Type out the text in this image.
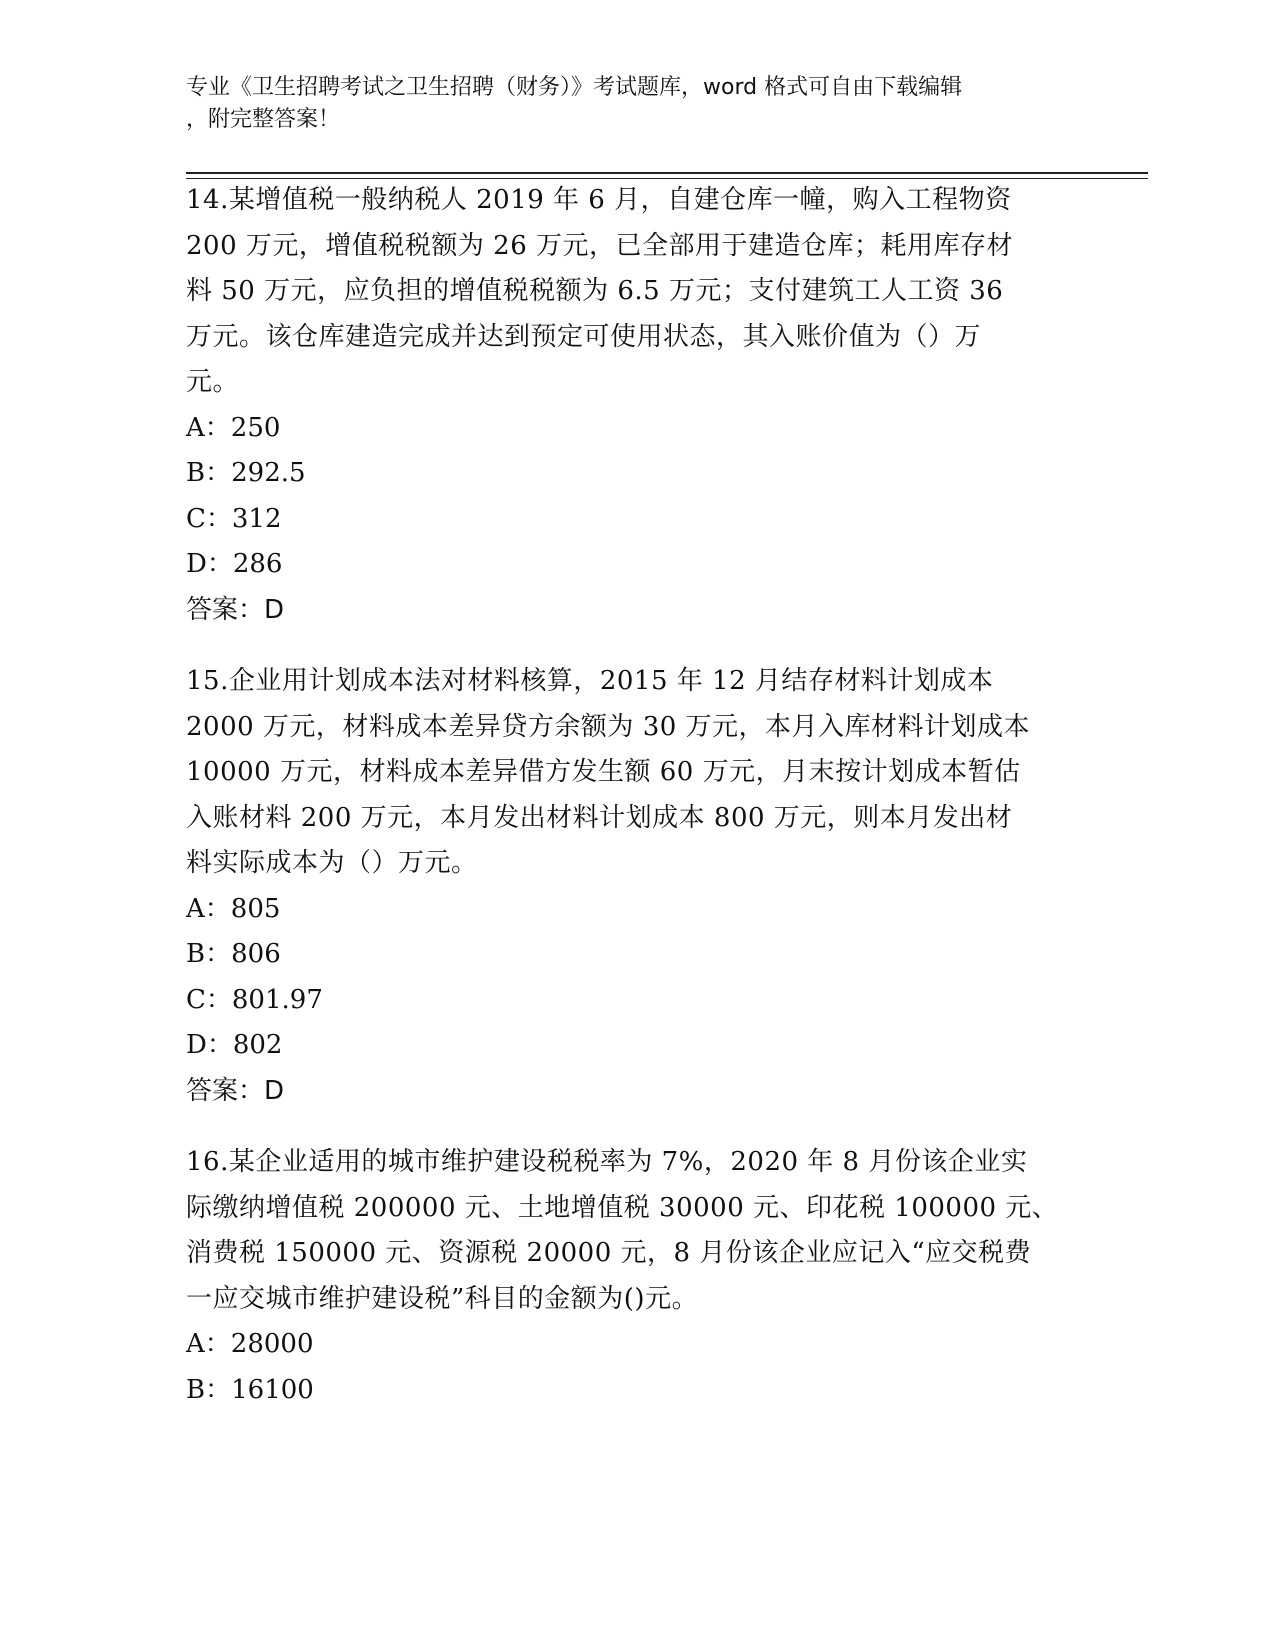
专业《卫生招聘考试之卫生招聘（财务）》考试题库，word 格式可自由下载编辑
，附完整答案！
14.某增值税一般纳税人 2019 年 6 月，自建仓库一幢，购入工程物资
200 万元，增值税税额为 26 万元，已全部用于建造仓库；耗用库存材
料 50 万元，应负担的增值税税额为 6.5 万元；支付建筑工人工资 36
万元。该仓库建造完成并达到预定可使用状态，其入账价值为（）万
元。
A：250
B：292.5
C：312
D：286
答案：D
15.企业用计划成本法对材料核算，2015 年 12 月结存材料计划成本
2000 万元，材料成本差异贷方余额为 30 万元，本月入库材料计划成本
10000 万元，材料成本差异借方发生额 60 万元，月末按计划成本暂估
入账材料 200 万元，本月发出材料计划成本 800 万元，则本月发出材
料实际成本为（）万元。
A：805
B：806
C：801.97
D：802
答案：D
16.某企业适用的城市维护建设税税率为 7%，2020 年 8 月份该企业实
际缴纳增值税 200000 元、土地增值税 30000 元、印花税 100000 元、
消费税 150000 元、资源税 20000 元，8 月份该企业应记入“应交税费
一应交城市维护建设税”科目的金额为()元。
A：28000
B：16100
